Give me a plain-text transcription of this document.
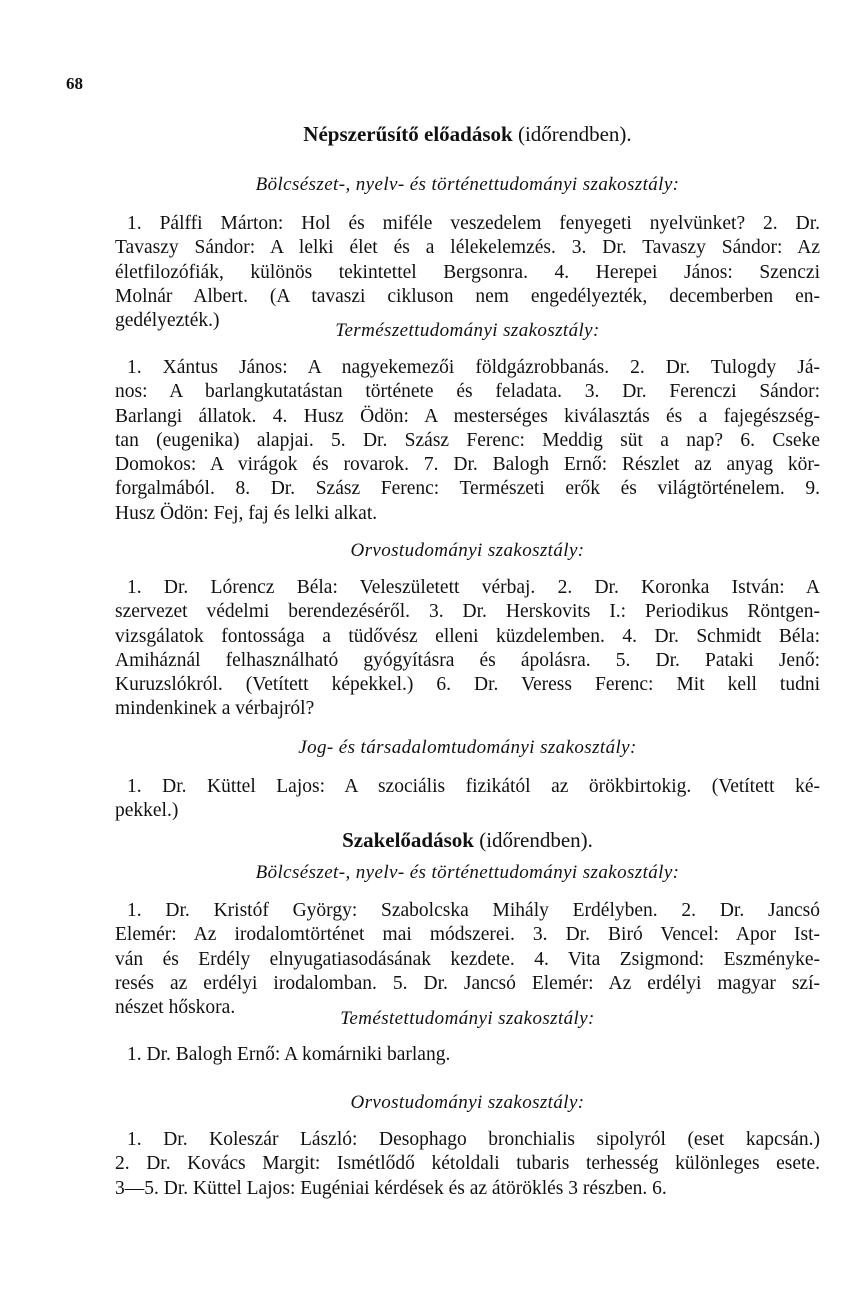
68
Népszerűsítő előadások (időrendben).
Bölcsészet-, nyelv- és történettudományi szakosztály:
1. Pálffi Márton: Hol és miféle veszedelem fenyegeti nyelvünket? 2. Dr.
Tavaszy Sándor: A lelki élet és a lélekelemzés. 3. Dr. Tavaszy Sándor: Az
életfilozófiák, különös tekintettel Bergsonra. 4. Herepei János: Szenczi
Molnár Albert. (A tavaszi cikluson nem engedélyezték, decemberben en-
gedélyezték.)	Természettudományi szakosztály:
1. Xántus János: A nagyekemezői földgázrobbanás. 2. Dr. Tulogdy Já-
nos: A barlangkutatástan története és feladata. 3. Dr. Ferenczi Sándor:
Barlangi állatok. 4. Husz Ödön: A mesterséges kiválasztás és a fajegészség-
tan (eugenika) alapjai. 5. Dr. Szász Ferenc: Meddig süt a nap? 6. Cseke
Domokos: A virágok és rovarok. 7. Dr. Balogh Ernő: Részlet az anyag kör-
forgalmából. 8. Dr. Szász Ferenc: Természeti erők és világtörténelem. 9.
Husz Ödön: Fej, faj és lelki alkat.
Orvostudományi szakosztály:
1. Dr. Lórencz Béla: Veleszületett vérbaj. 2. Dr. Koronka István: A
szervezet védelmi berendezéséről. 3. Dr. Herskovits I.: Periodikus Röntgen-
vizsgálatok fontossága a tüdővész elleni küzdelemben. 4. Dr. Schmidt Béla:
Amiháznál felhasználható gyógyításra és ápolásra. 5. Dr. Pataki Jenő:
Kuruzslókról. (Vetített képekkel.) 6. Dr. Veress Ferenc: Mit kell tudni
mindenkinek a vérbajról?
Jog- és társadalomtudományi szakosztály:
1. Dr. Küttel Lajos: A szociális fizikától az örökbirtokig. (Vetített ké-
pekkel.)
Szakelőadások (időrendben).
Bölcsészet-, nyelv- és történettudományi szakosztály:
1. Dr. Kristóf György: Szabolcska Mihály Erdélyben. 2. Dr. Jancsó
Elemér: Az irodalomtörténet mai módszerei. 3. Dr. Biró Vencel: Apor Ist-
ván és Erdély elnyugatiasodásának kezdete. 4. Vita Zsigmond: Eszményke-
resés az erdélyi irodalomban. 5. Dr. Jancsó Elemér: Az erdélyi magyar szí-
nészet hőskora.
Teméstettudományi szakosztály:
1. Dr. Balogh Ernő: A komárniki barlang.
Orvostudományi szakosztály:
1. Dr. Koleszár László: Desophago bronchialis sipolyról (eset kapcsán.)
2. Dr. Kovács Margit: Ismétlődő kétoldali tubaris terhesség különleges esete.
3—5. Dr. Küttel Lajos: Eugéniai kérdések és az átöröklés 3 részben. 6.
